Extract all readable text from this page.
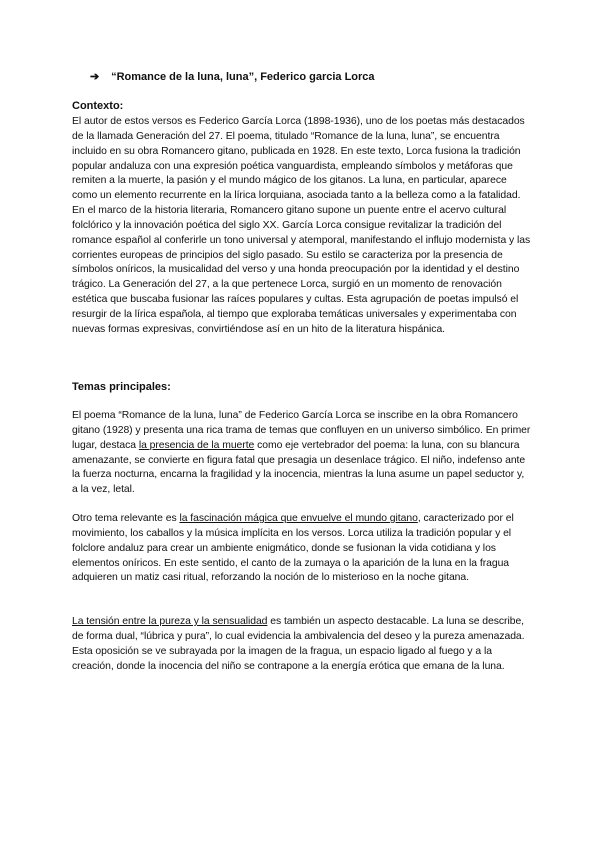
➔ “Romance de la luna, luna”, Federico garcia Lorca
Contexto:

El autor de estos versos es Federico García Lorca (1898-1936), uno de los poetas más destacados de la llamada Generación del 27. El poema, titulado “Romance de la luna, luna”, se encuentra incluido en su obra Romancero gitano, publicada en 1928. En este texto, Lorca fusiona la tradición popular andaluza con una expresión poética vanguardista, empleando símbolos y metáforas que remiten a la muerte, la pasión y el mundo mágico de los gitanos. La luna, en particular, aparece como un elemento recurrente en la lírica lorquiana, asociada tanto a la belleza como a la fatalidad. En el marco de la historia literaria, Romancero gitano supone un puente entre el acervo cultural folclórico y la innovación poética del siglo XX. García Lorca consigue revitalizar la tradición del romance español al conferirle un tono universal y atemporal, manifestando el influjo modernista y las corrientes europeas de principios del siglo pasado. Su estilo se caracteriza por la presencia de símbolos oníricos, la musicalidad del verso y una honda preocupación por la identidad y el destino trágico. La Generación del 27, a la que pertenece Lorca, surgió en un momento de renovación estética que buscaba fusionar las raíces populares y cultas. Esta agrupación de poetas impulsó el resurgir de la lírica española, al tiempo que exploraba temáticas universales y experimentaba con nuevas formas expresivas, convirtiéndose así en un hito de la literatura hispánica.

Temas principales:

El poema “Romance de la luna, luna” de Federico García Lorca se inscribe en la obra Romancero gitano (1928) y presenta una rica trama de temas que confluyen en un universo simbólico. En primer lugar, destaca la presencia de la muerte como eje vertebrador del poema: la luna, con su blancura amenazante, se convierte en figura fatal que presagia un desenlace trágico. El niño, indefenso ante la fuerza nocturna, encarna la fragilidad y la inocencia, mientras la luna asume un papel seductor y, a la vez, letal.

Otro tema relevante es la fascinación mágica que envuelve el mundo gitano, caracterizado por el movimiento, los caballos y la música implícita en los versos. Lorca utiliza la tradición popular y el folclore andaluz para crear un ambiente enigmático, donde se fusionan la vida cotidiana y los elementos oníricos. En este sentido, el canto de la zumaya o la aparición de la luna en la fragua adquieren un matiz casi ritual, reforzando la noción de lo misterioso en la noche gitana.

La tensión entre la pureza y la sensualidad es también un aspecto destacable. La luna se describe, de forma dual, “lúbrica y pura”, lo cual evidencia la ambivalencia del deseo y la pureza amenazada. Esta oposición se ve subrayada por la imagen de la fragua, un espacio ligado al fuego y a la creación, donde la inocencia del niño se contrapone a la energía erótica que emana de la luna.
